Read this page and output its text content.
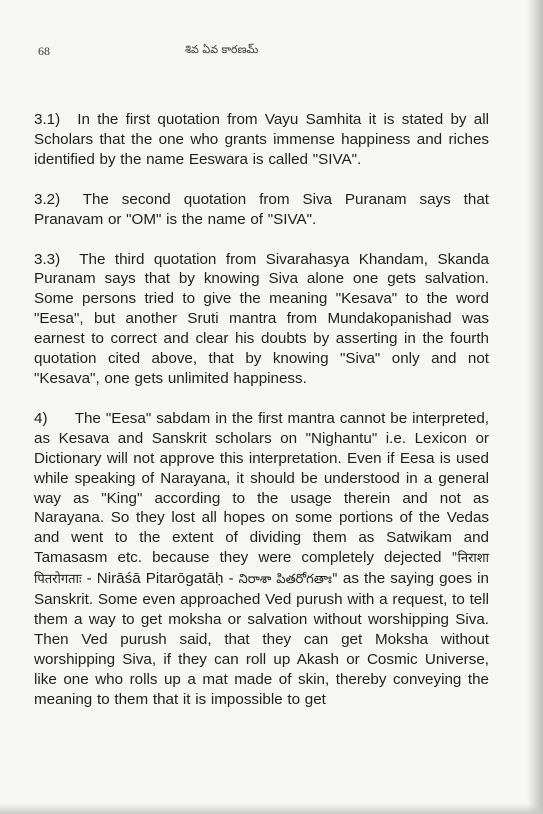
68	శివ ఏవ కారణమ్

3.1) In the first quotation from Vayu Samhita it is stated by all Scholars that the one who grants immense happiness and riches identified by the name Eeswara is called "SIVA".

3.2) The second quotation from Siva Puranam says that Pranavam or "OM" is the name of "SIVA".

3.3) The third quotation from Sivarahasya Khandam, Skanda Puranam says that by knowing Siva alone one gets salvation. Some persons tried to give the meaning "Kesava" to the word "Eesa", but another Sruti mantra from Mundakopanishad was earnest to correct and clear his doubts by asserting in the fourth quotation cited above, that by knowing "Siva" only and not "Kesava", one gets unlimited happiness.

4) The "Eesa" sabdam in the first mantra cannot be interpreted, as Kesava and Sanskrit scholars on "Nighantu" i.e. Lexicon or Dictionary will not approve this interpretation. Even if Eesa is used while speaking of Narayana, it should be understood in a general way as "King" according to the usage therein and not as Narayana. So they lost all hopes on some portions of the Vedas and went to the extent of dividing them as Satwikam and Tamasasm etc. because they were completely dejected "निराशा पितरोगताः - Nirāśā Pitarōgatāḥ - నిరాశా పితరోగతాః" as the saying goes in Sanskrit. Some even approached Ved purush with a request, to tell them a way to get moksha or salvation without worshipping Siva. Then Ved purush said, that they can get Moksha without worshipping Siva, if they can roll up Akash or Cosmic Universe, like one who rolls up a mat made of skin, thereby conveying the meaning to them that it is impossible to get
